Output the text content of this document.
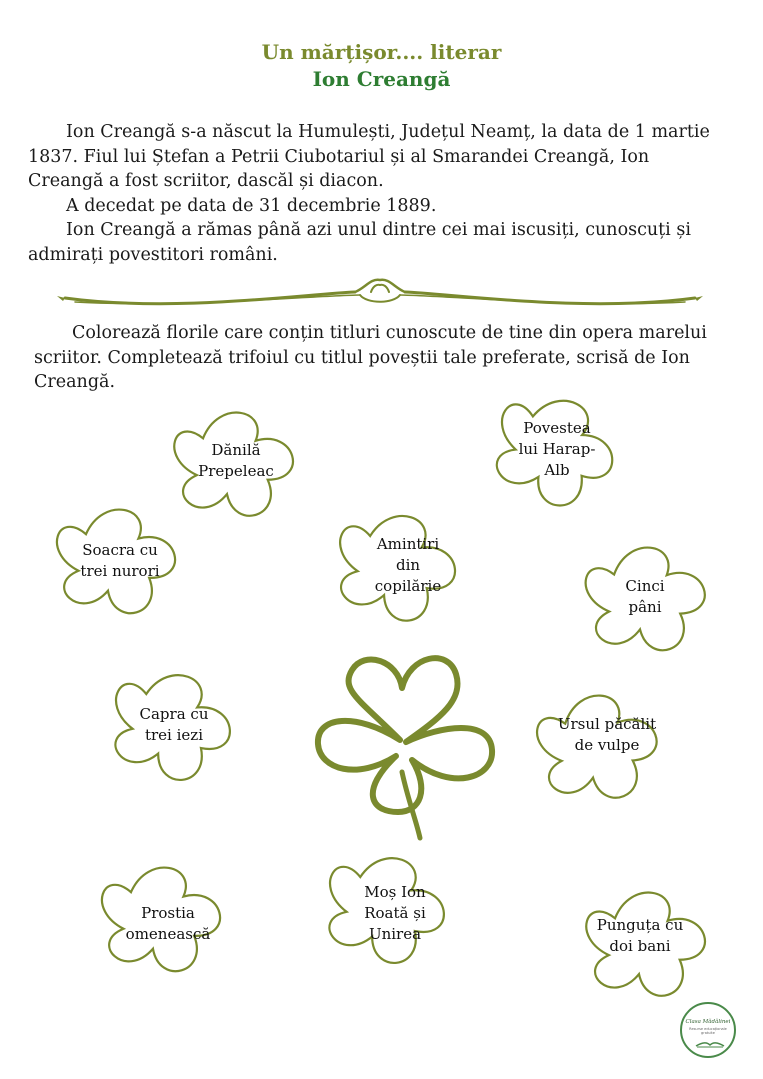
Un mărțișor.... literar
Ion Creangă

Ion Creangă s-a născut la Humulești, Județul Neamț, la data de 1 martie 1837. Fiul lui Ștefan a Petrii Ciubotariul și al Smarandei Creangă, Ion Creangă a fost scriitor, dascăl și diacon.

A decedat pe data de 31 decembrie 1889.

Ion Creangă a rămas până azi unul dintre cei mai iscusiți, cunoscuți și admirați povestitori români.

Colorează florile care conțin titluri cunoscute de tine din opera marelui scriitor. Completează trifoiul cu titlul poveștii tale preferate, scrisă de Ion Creangă.

Dănilă Prepeleac
Povestea lui Harap-Alb
Soacra cu trei nurori
Amintiri din copilărie	Cinci pâni
Capra cu trei iezi
Ursul păcălit de vulpe
Prostia omenească
Moș Ion Roată și Unirea	Punguța cu doi bani
Clasa Mădălinei
Resurse educaționale gratuite
